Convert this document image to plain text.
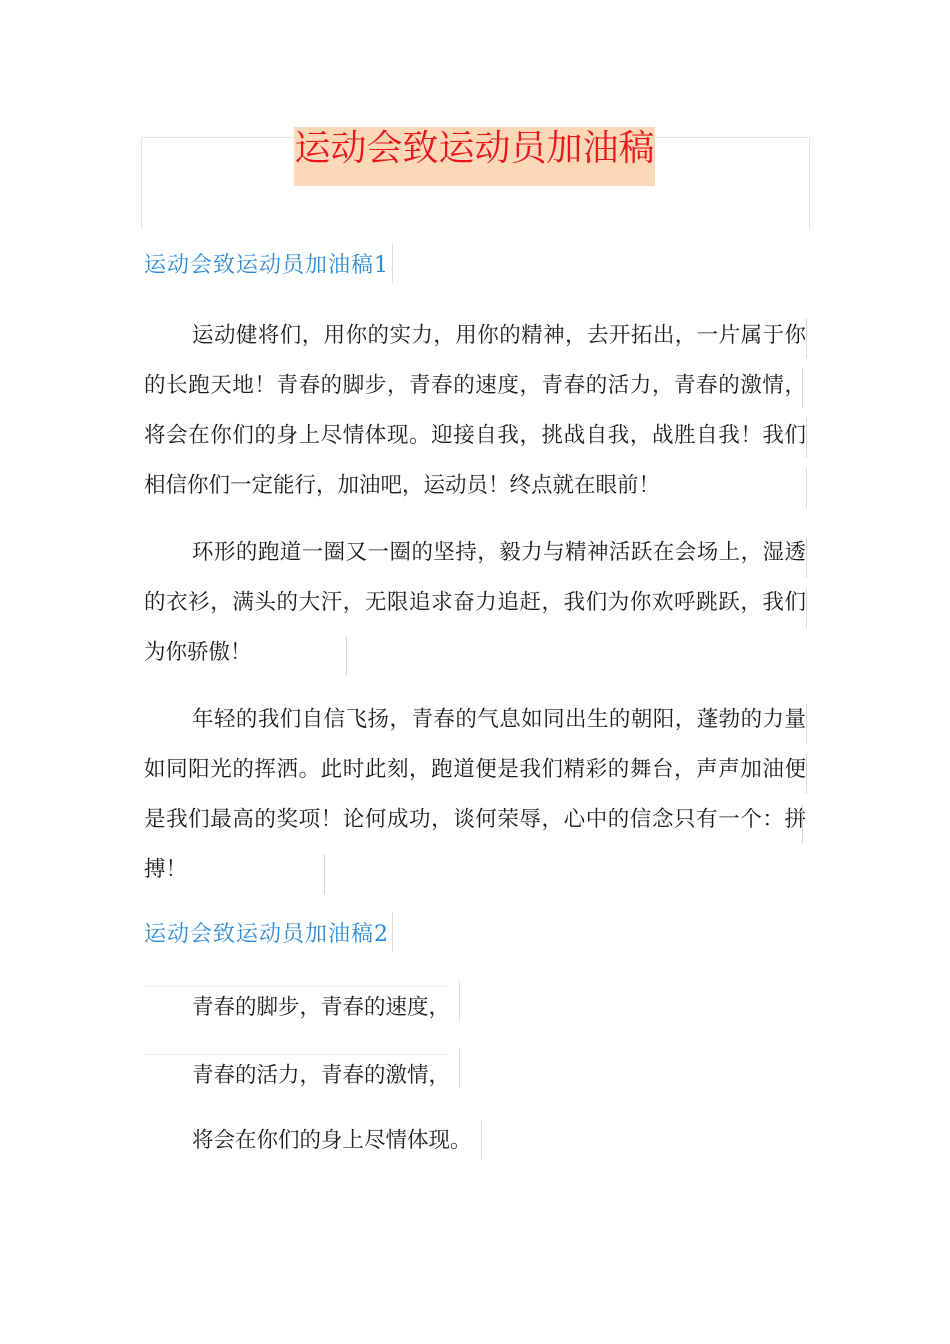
运动会致运动员加油稿
运动会致运动员加油稿1
运动健将们，用你的实力，用你的精神，去开拓出，一片属于你的长跑天地！青春的脚步，青春的速度，青春的活力，青春的激情，将会在你们的身上尽情体现。迎接自我，挑战自我，战胜自我！我们相信你们一定能行，加油吧，运动员！终点就在眼前！
环形的跑道一圈又一圈的坚持，毅力与精神活跃在会场上，湿透的衣衫，满头的大汗，无限追求奋力追赶，我们为你欢呼跳跃，我们为你骄傲！
年轻的我们自信飞扬，青春的气息如同出生的朝阳，蓬勃的力量如同阳光的挥洒。此时此刻，跑道便是我们精彩的舞台，声声加油便是我们最高的奖项！论何成功，谈何荣辱，心中的信念只有一个：拼搏！
运动会致运动员加油稿2
青春的脚步，青春的速度，
青春的活力，青春的激情，
将会在你们的身上尽情体现。
